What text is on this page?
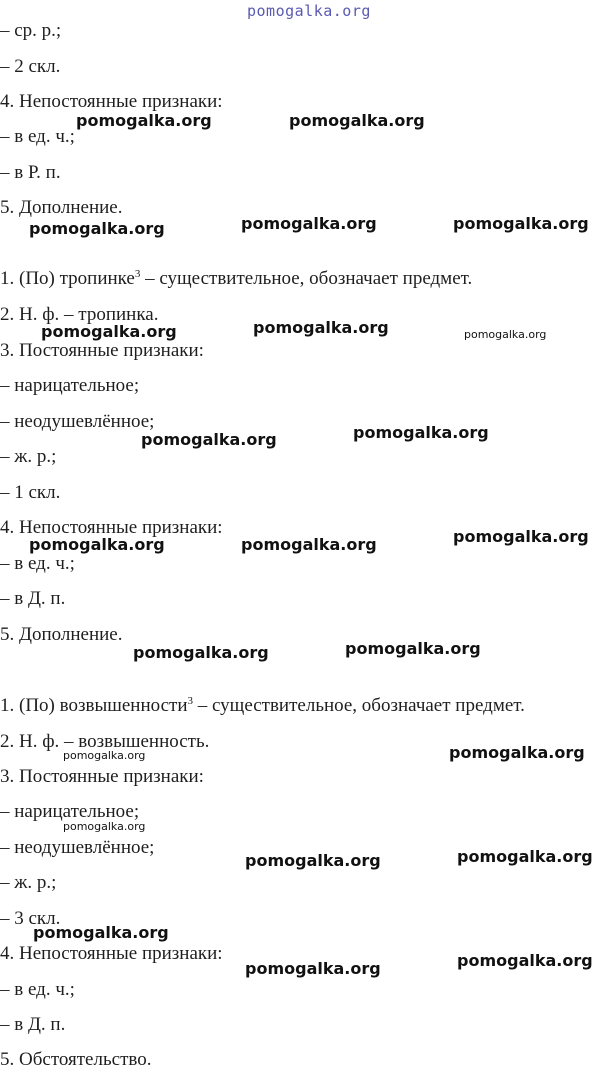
pomogalka.org

– ср. р.;

– 2 скл.

4. Непостоянные признаки:

– в ед. ч.;

– в Р. п.

5. Дополнение.

1. (По) тропинке$^3$ – существительное, обозначает предмет.

2. Н. ф. – тропинка.

3. Постоянные признаки:

– нарицательное;

– неодушевлённое;

– ж. р.;

– 1 скл.

4. Непостоянные признаки:

– в ед. ч.;

– в Д. п.

5. Дополнение.

1. (По) возвышенности$^3$ – существительное, обозначает предмет.

2. Н. ф. – возвышенность.

3. Постоянные признаки:

– нарицательное;

– неодушевлённое;

– ж. р.;

– 3 скл.

4. Непостоянные признаки:

– в ед. ч.;

– в Д. п.

5. Обстоятельство.

pomogalka.org	pomogalka.org
pomogalka.org	pomogalka.org	pomogalka.org
pomogalka.org	pomogalka.org	pomogalka.org
pomogalka.org	pomogalka.org
pomogalka.org	pomogalka.org	pomogalka.org
pomogalka.org	pomogalka.org
pomogalka.org	pomogalka.org
pomogalka.org
pomogalka.org	pomogalka.org
pomogalka.org
pomogalka.org	pomogalka.org
